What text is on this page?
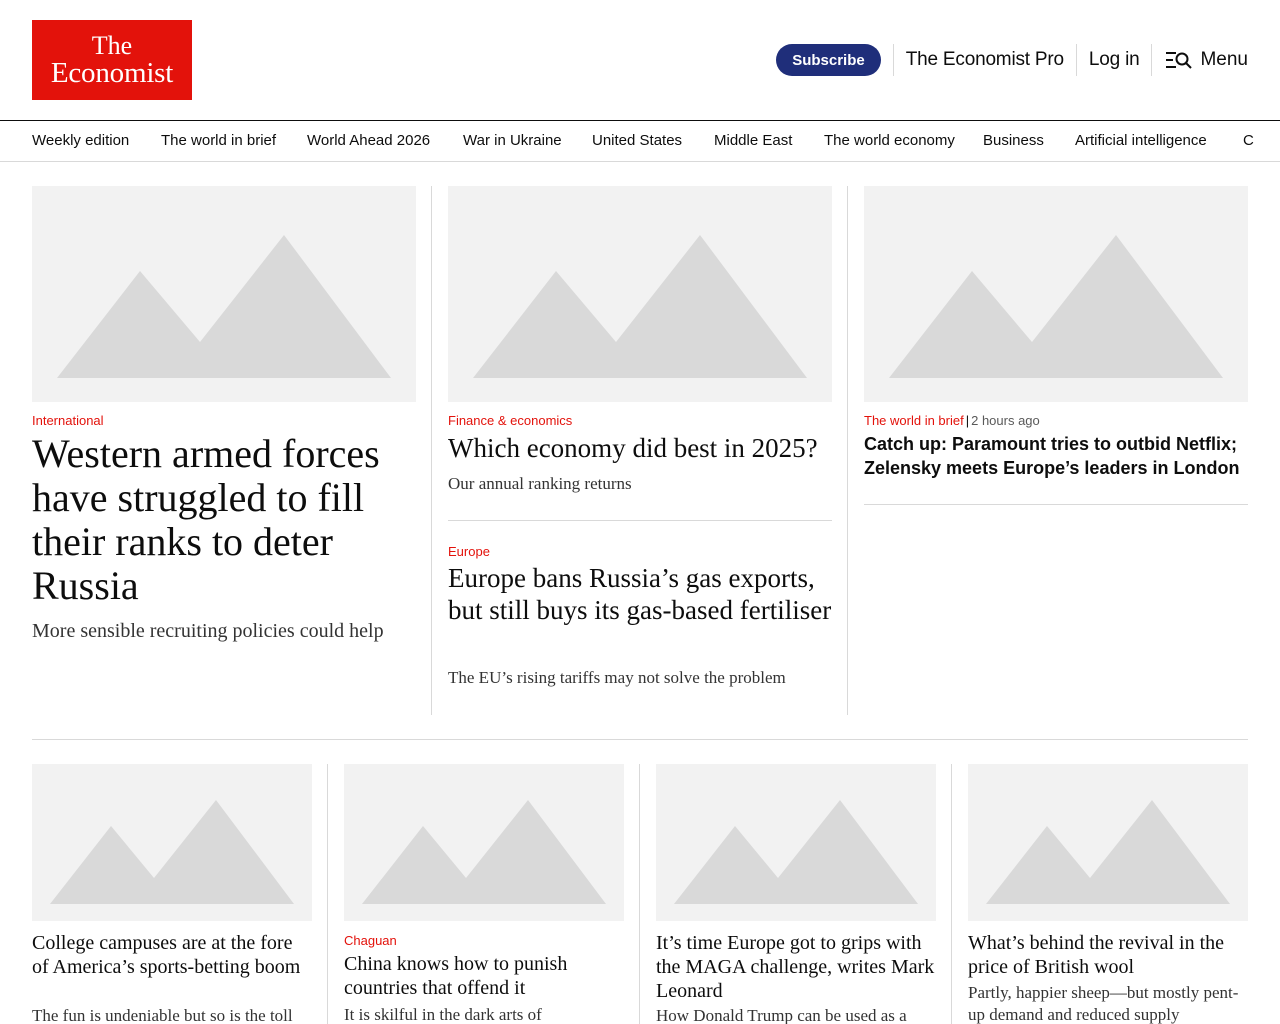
The
Economist	Subscribe	The Economist Pro Log in	Menu
Weekly edition The world in brief World Ahead 2026 War in Ukraine United States Middle East The world economy Business Artificial intelligence C
International
Western armed forces have struggled to fill their ranks to deter Russia

More sensible recruiting policies could help

Finance & economics
Which economy did best in 2025?

Our annual ranking returns

Europe
Europe bans Russia’s gas exports, but still buys its gas-based fertiliser

The EU’s rising tariffs may not solve the problem

The world in brief | 2 hours ago
Catch up: Paramount tries to outbid Netflix; Zelensky meets Europe’s leaders in London
College campuses are at the fore of America’s sports-betting boom

The fun is undeniable but so is the toll

Chaguan
China knows how to punish countries that offend it

It is skilful in the dark arts of

It’s time Europe got to grips with the MAGA challenge, writes Mark Leonard

How Donald Trump can be used as a

What’s behind the revival in the price of British wool

Partly, happier sheep—but mostly pent-up demand and reduced supply
